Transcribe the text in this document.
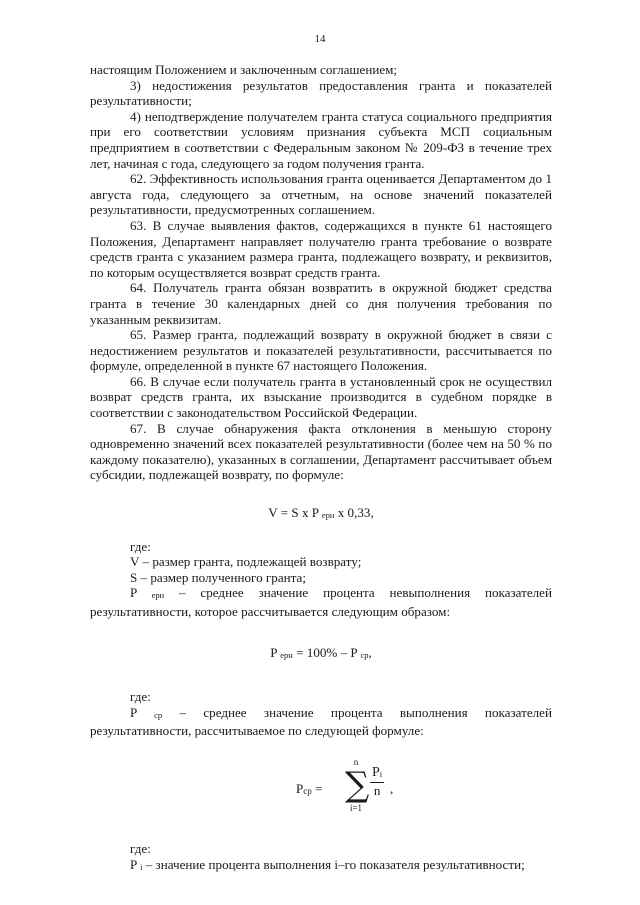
14

настоящим Положением и заключенным соглашением;

3) недостижения результатов предоставления гранта и показателей результативности;

4) неподтверждение получателем гранта статуса социального предприятия при его соответствии условиям признания субъекта МСП социальным предприятием в соответствии с Федеральным законом № 209-ФЗ в течение трех лет, начиная с года, следующего за годом получения гранта.

62. Эффективность использования гранта оценивается Департаментом до 1 августа года, следующего за отчетным, на основе значений показателей результативности, предусмотренных соглашением.

63. В случае выявления фактов, содержащихся в пункте 61 настоящего Положения, Департамент направляет получателю гранта требование о возврате средств гранта с указанием размера гранта, подлежащего возврату, и реквизитов, по которым осуществляется возврат средств гранта.

64. Получатель гранта обязан возвратить в окружной бюджет средства гранта в течение 30 календарных дней со дня получения требования по указанным реквизитам.

65. Размер гранта, подлежащий возврату в окружной бюджет в связи с недостижением результатов и показателей результативности, рассчитывается по формуле, определенной в пункте 67 настоящего Положения.

66. В случае если получатель гранта в установленный срок не осуществил возврат средств гранта, их взыскание производится в судебном порядке в соответствии с законодательством Российской Федерации.

67. В случае обнаружения факта отклонения в меньшую сторону одновременно значений всех показателей результативности (более чем на 50 % по каждому показателю), указанных в соглашении, Департамент рассчитывает объем субсидии, подлежащей возврату, по формуле:

V = S x P ерн x 0,33,

где:

V – размер гранта, подлежащей возврату;

S – размер полученного гранта;

P ерн – среднее значение процента невыполнения показателей результативности, которое рассчитывается следующим образом:

P ерн = 100% – P ср,

где:

P ср – среднее значение процента выполнения показателей результативности, рассчитываемое по следующей формуле:

Pср =
n
∑
i=1
$\frac{Pi}{n}$ ,

где:

P i – значение процента выполнения i–го показателя результативности;
